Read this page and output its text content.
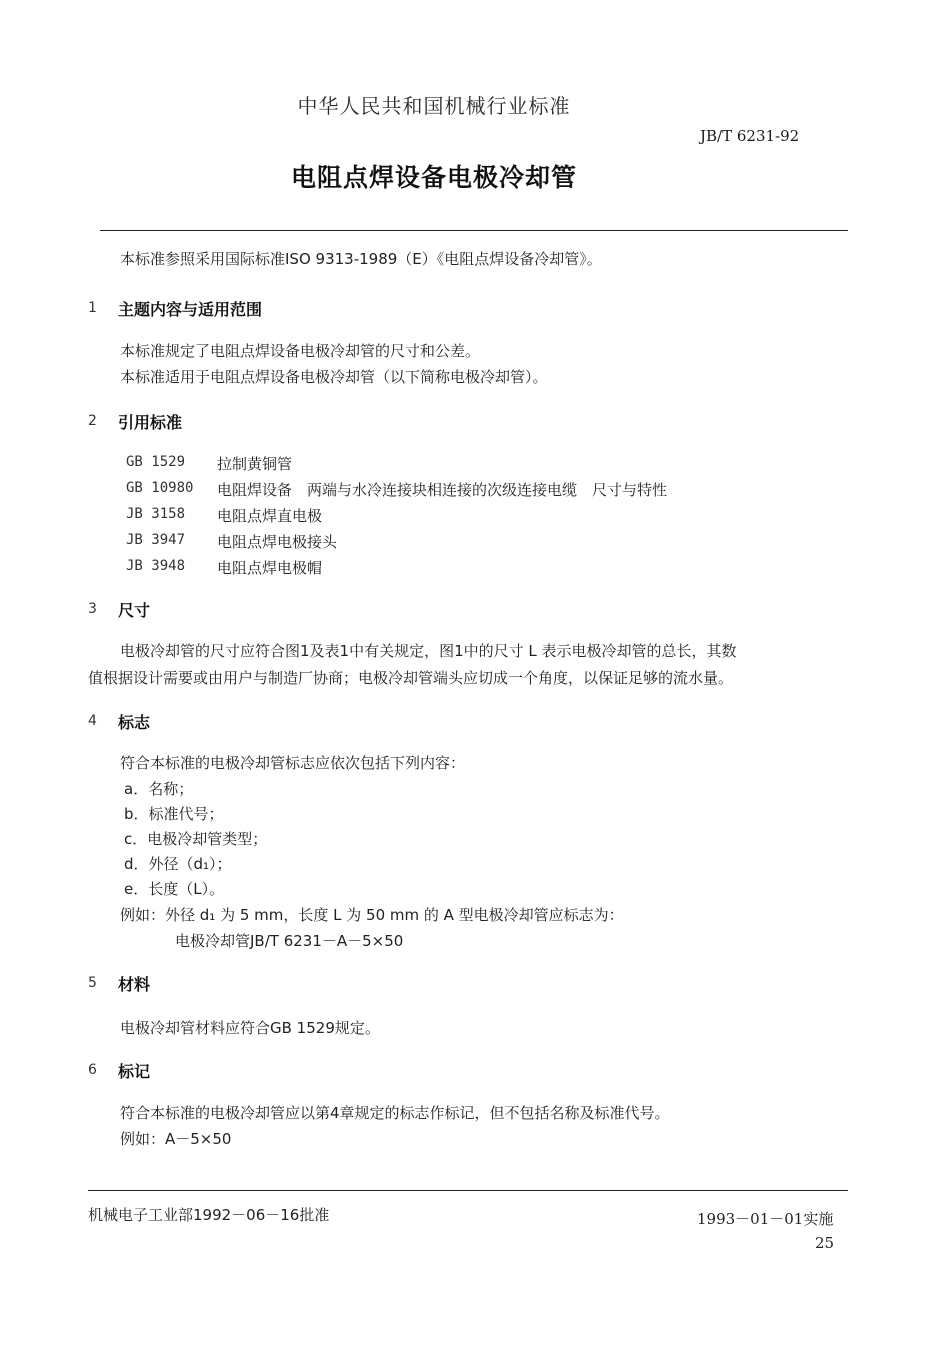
中华人民共和国机械行业标准
JB/T 6231-92
电阻点焊设备电极冷却管
本标准参照采用国际标准ISO 9313-1989（E）《电阻点焊设备冷却管》。
1 主题内容与适用范围
本标准规定了电阻点焊设备电极冷却管的尺寸和公差。
本标准适用于电阻点焊设备电极冷却管（以下简称电极冷却管）。
2 引用标准
GB 1529 拉制黄铜管
GB 10980 电阻焊设备　两端与水冷连接块相连接的次级连接电缆　尺寸与特性
JB 3158 电阻点焊直电极
JB 3947 电阻点焊电极接头
JB 3948 电阻点焊电极帽
3 尺寸
电极冷却管的尺寸应符合图1及表1中有关规定，图1中的尺寸 L 表示电极冷却管的总长，其数
值根据设计需要或由用户与制造厂协商；电极冷却管端头应切成一个角度，以保证足够的流水量。
4 标志
符合本标准的电极冷却管标志应依次包括下列内容：
a．名称；
b．标准代号；
c．电极冷却管类型；
d．外径（d₁）；
e．长度（L）。
例如：外径 d₁ 为 5 mm，长度 L 为 50 mm 的 A 型电极冷却管应标志为：
电极冷却管JB/T 6231－A－5×50
5 材料
电极冷却管材料应符合GB 1529规定。
6 标记
符合本标准的电极冷却管应以第4章规定的标志作标记，但不包括名称及标准代号。
例如：A－5×50
机械电子工业部1992－06－16批准	1993－01－01实施
25
